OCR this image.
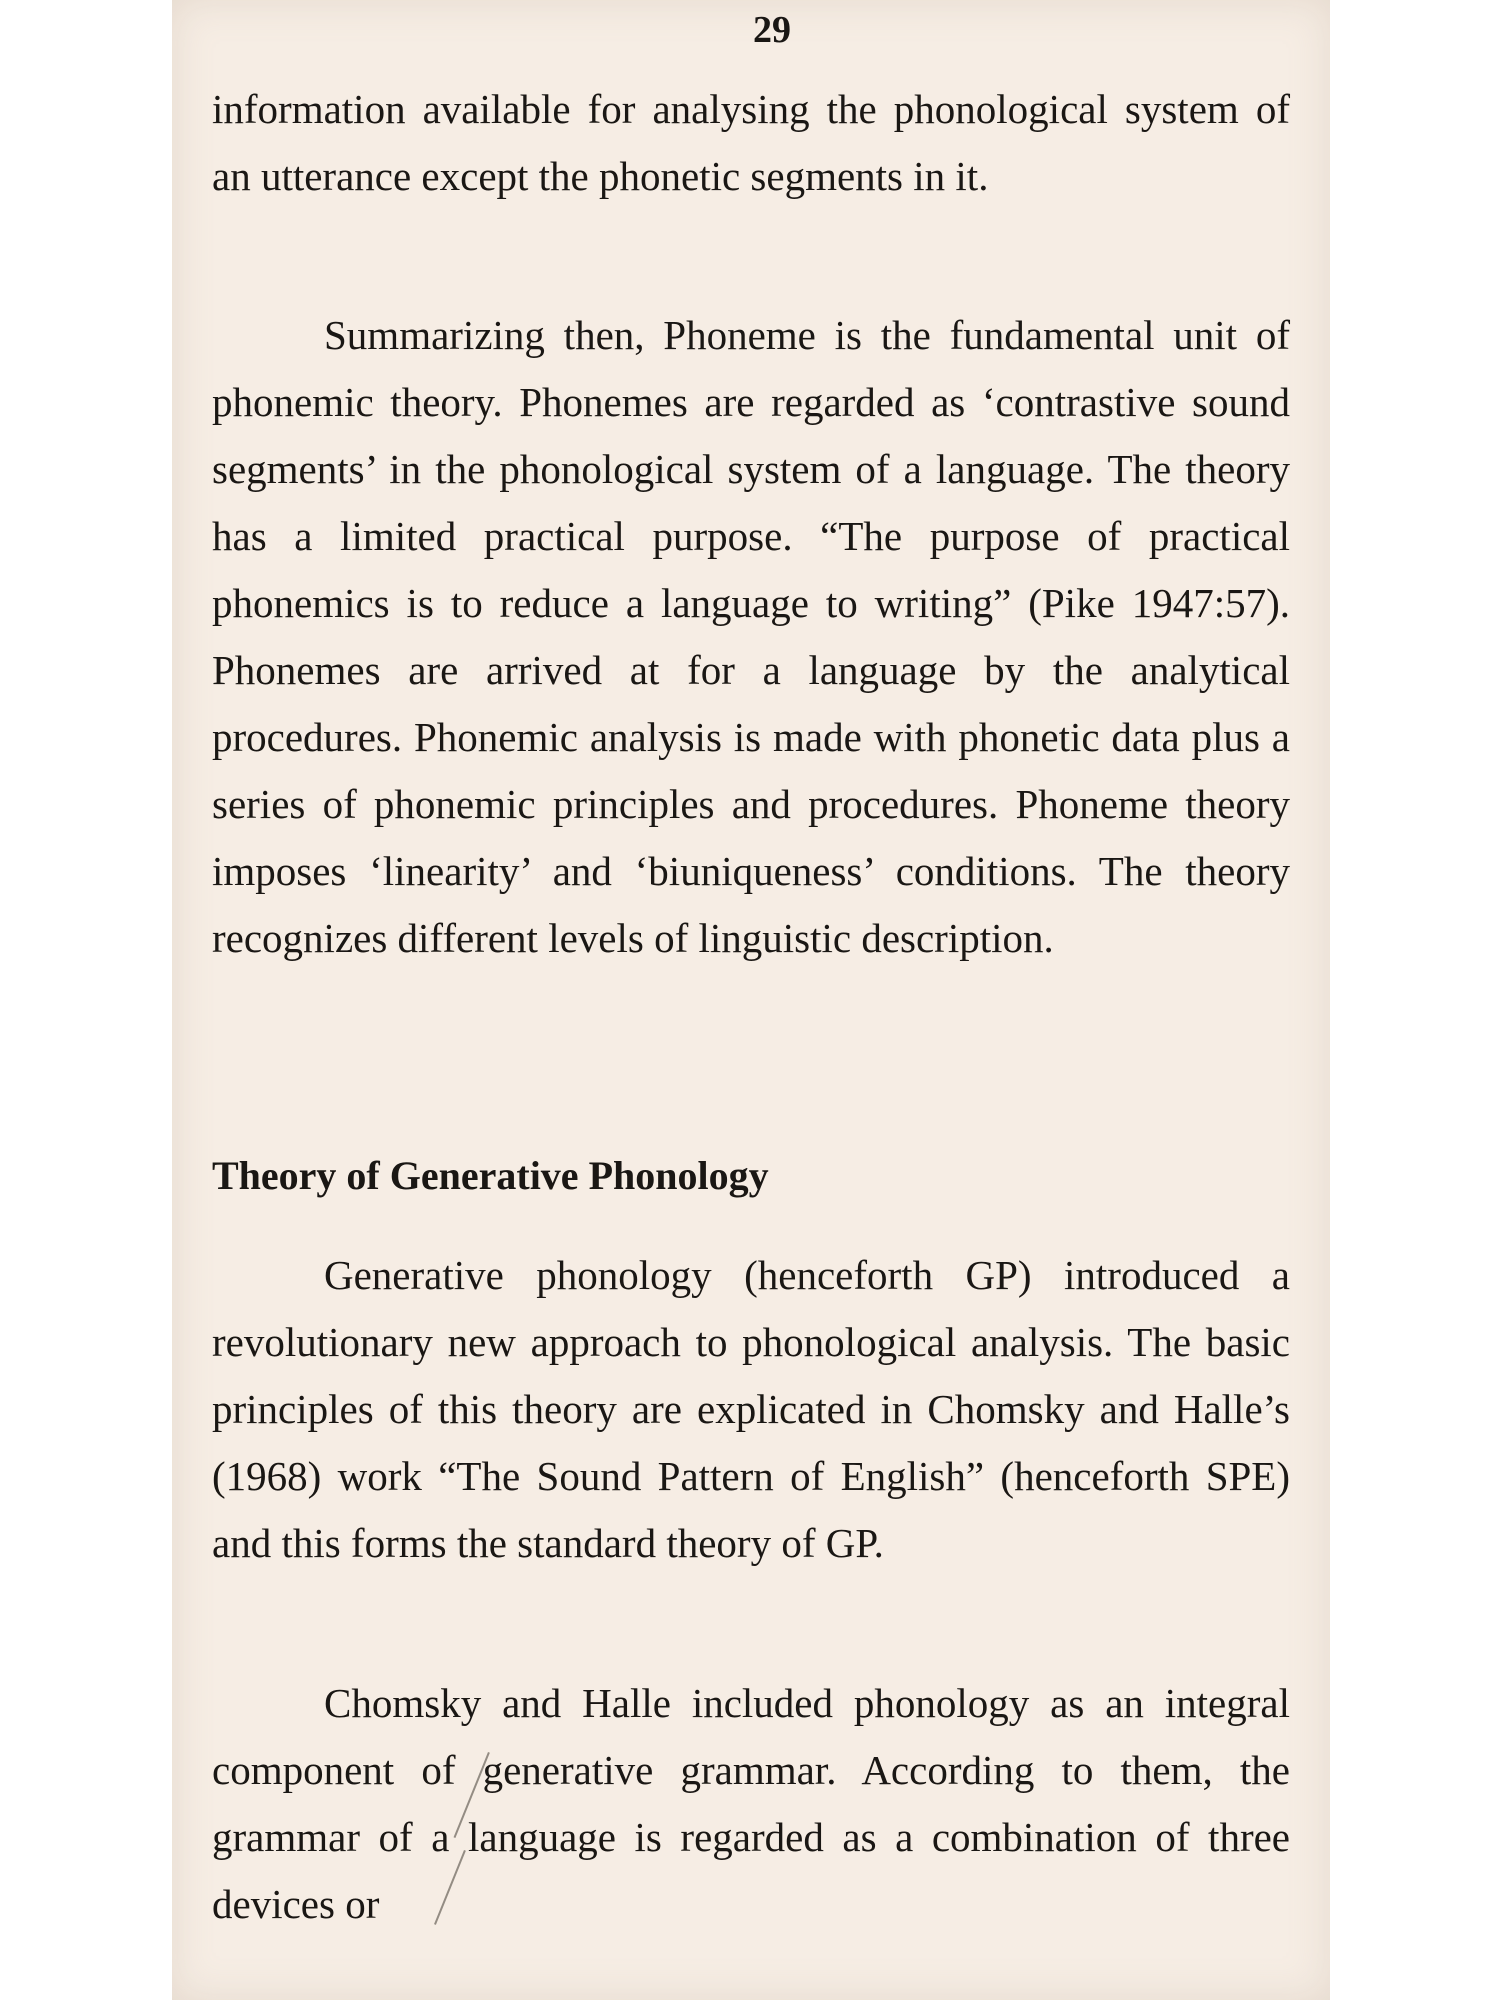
29

information available for analysing the phonological system of an utterance except the phonetic segments in it.

Summarizing then, Phoneme is the fundamental unit of phonemic theory. Phonemes are regarded as ‘contrastive sound segments’ in the phonological system of a language. The theory has a limited practical purpose. “The purpose of practical phonemics is to reduce a language to writing” (Pike 1947:57). Phonemes are arrived at for a language by the analytical procedures. Phonemic analysis is made with phonetic data plus a series of phonemic principles and procedures. Phoneme theory imposes ‘linearity’ and ‘biuniqueness’ conditions. The theory recognizes different levels of linguistic description.

Theory of Generative Phonology

Generative phonology (henceforth GP) introduced a revolutionary new approach to phonological analysis. The basic principles of this theory are explicated in Chomsky and Halle’s (1968) work “The Sound Pattern of English” (henceforth SPE) and this forms the standard theory of GP.

Chomsky and Halle included phonology as an integral component of generative grammar. According to them, the grammar of a language is regarded as a combination of three devices or
